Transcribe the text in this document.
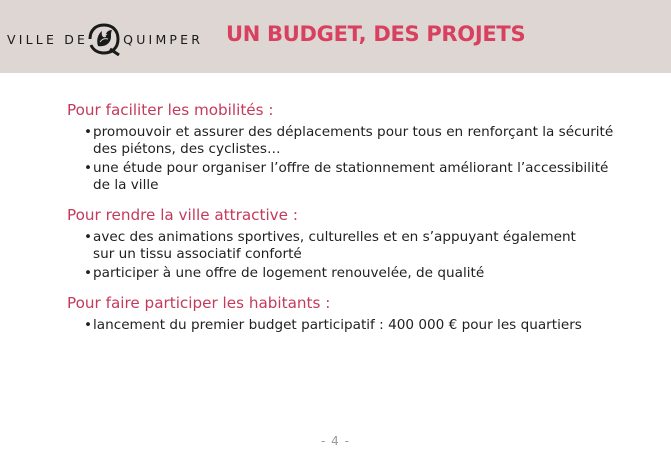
VILLE DE	QUIMPER UN BUDGET, DES PROJETS

Pour faciliter les mobilités :

• promouvoir et assurer des déplacements pour tous en renforçant la sécurité
des piétons, des cyclistes…
• une étude pour organiser l’offre de stationnement améliorant l’accessibilité
de la ville

Pour rendre la ville attractive :

• avec des animations sportives, culturelles et en s’appuyant également
sur un tissu associatif conforté
• participer à une offre de logement renouvelée, de qualité

Pour faire participer les habitants :

• lancement du premier budget participatif : 400 000 € pour les quartiers
- 4 -
